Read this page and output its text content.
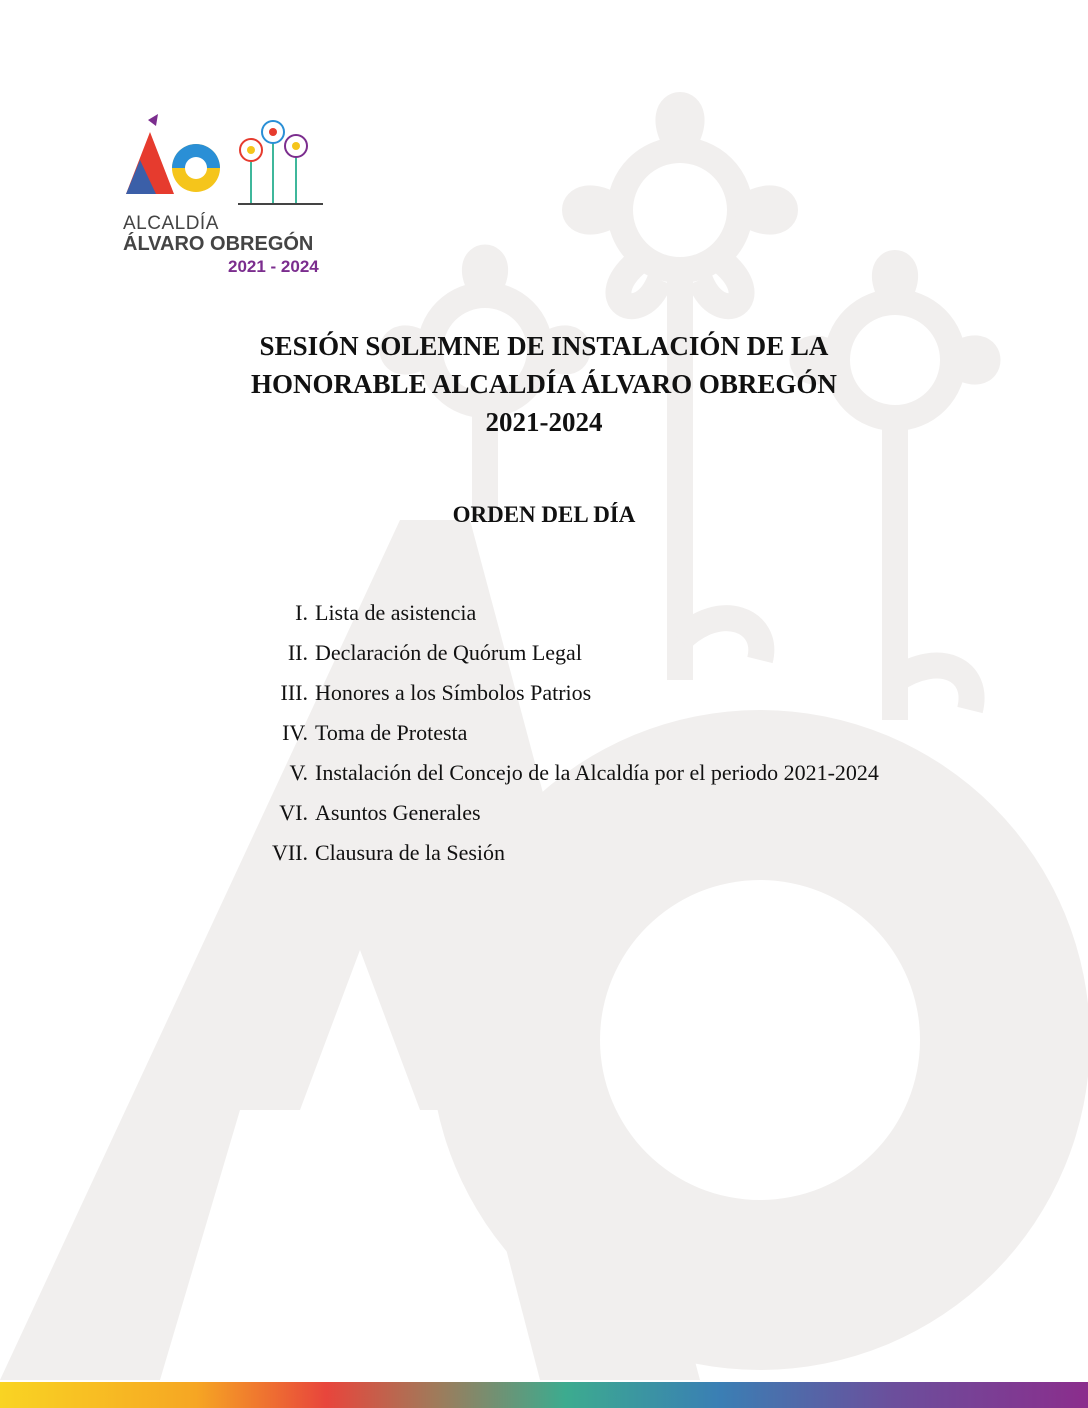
ALCALDÍA
ÁLVARO OBREGÓN
2021 - 2024
SESIÓN SOLEMNE DE INSTALACIÓN DE LA
HONORABLE ALCALDÍA ÁLVARO OBREGÓN
2021-2024
ORDEN DEL DÍA
I. Lista de asistencia
II. Declaración de Quórum Legal
III. Honores a los Símbolos Patrios
IV. Toma de Protesta
V. Instalación del Concejo de la Alcaldía por el periodo 2021-2024
VI. Asuntos Generales
VII. Clausura de la Sesión
